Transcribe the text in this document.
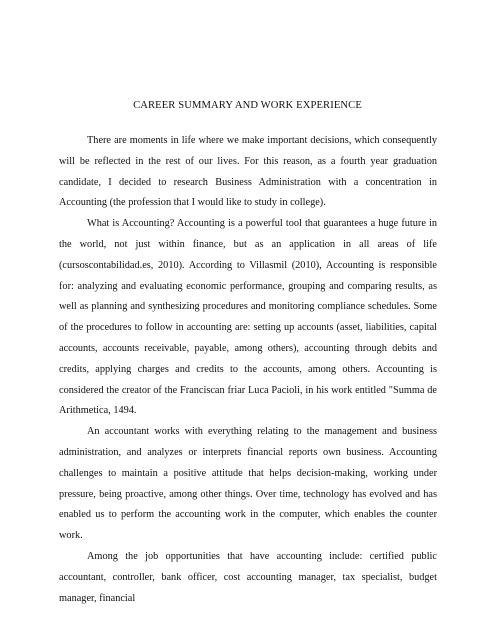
CAREER SUMMARY AND WORK EXPERIENCE

There are moments in life where we make important decisions, which consequently will be reflected in the rest of our lives. For this reason, as a fourth year graduation candidate, I decided to research Business Administration with a concentration in Accounting (the profession that I would like to study in college).

What is Accounting? Accounting is a powerful tool that guarantees a huge future in the world, not just within finance, but as an application in all areas of life (cursoscontabilidad.es, 2010). According to Villasmil (2010), Accounting is responsible for: analyzing and evaluating economic performance, grouping and comparing results, as well as planning and synthesizing procedures and monitoring compliance schedules. Some of the procedures to follow in accounting are: setting up accounts (asset, liabilities, capital accounts, accounts receivable, payable, among others), accounting through debits and credits, applying charges and credits to the accounts, among others. Accounting is considered the creator of the Franciscan friar Luca Pacioli, in his work entitled "Summa de Arithmetica, 1494.

An accountant works with everything relating to the management and business administration, and analyzes or interprets financial reports own business. Accounting challenges to maintain a positive attitude that helps decision-making, working under pressure, being proactive, among other things. Over time, technology has evolved and has enabled us to perform the accounting work in the computer, which enables the counter work.

Among the job opportunities that have accounting include: certified public accountant, controller, bank officer, cost accounting manager, tax specialist, budget manager, financial
